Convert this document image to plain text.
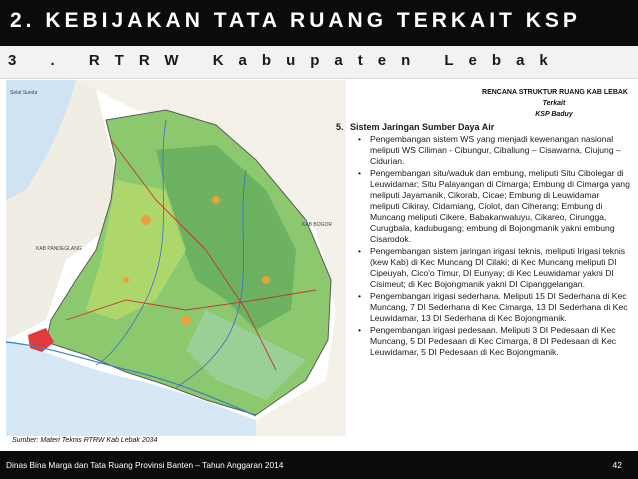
2. KEBIJAKAN TATA RUANG TERKAIT KSP
3 . RTRW Kabupaten Lebak
Selat Sunda
KAB PANDEGLANG
KAB BOGOR
Sumber: Materi Teknis RTRW Kab Lebak 2034
RENCANA STRUKTUR RUANG KAB LEBAK
Terkait
KSP Baduy
5. Sistem Jaringan Sumber Daya Air
• Pengembangan sistem WS yang menjadi kewenangan nasional meliputi WS Ciliman - Cibungur, Cibaliung – Cisawarna, Ciujung – Cidurian.
• Pengembangan situ/waduk dan embung, meliputi Situ Cibolegar di Leuwidamar; Situ Palayangan di Cimarga; Embung di Cimarga yang meliputi Jayamanik, Cikorab, Cicae; Embung di Leuwidamar meliputi Cikiray, Cidamiang, Ciolot, dan Ciherang; Embung di Muncang meliputi Cikere, Babakanwaluyu, Cikareo, Cirungga, Curugbala, kadubugang; embung di Bojongmanik yakni embung Cisarodok.
• Pengembangan sistem jaringan irigasi teknis, meliputi Irigasi teknis (kew Kab) di Kec Muncang DI Cilaki; di Kec Muncang meliputi DI Cipeuyah, Cico'o Timur, DI Eunyay; di Kec Leuwidamar yakni DI Cisimeut; di Kec Bojongmanik yakni DI Cipanggelangan.
• Pengembangan irigasi sederhana. Meliputi 15 DI Sederhana di Kec Muncang, 7 DI Sederhana di Kec Cimarga, 13 DI Sederhana di Kec Leuwidamar, 13 DI Sederhana di Kec Bojongmanik.
• Pengembangan irigasi pedesaan. Meliputi 3 DI Pedesaan di Kec Muncang, 5 DI Pedesaan di Kec Cimarga, 8 DI Pedesaan di Kec Leuwidamar, 5 DI Pedesaan di Kec Bojongmanik.
Dinas Bina Marga dan Tata Ruang Provinsi Banten – Tahun Anggaran 2014	42
